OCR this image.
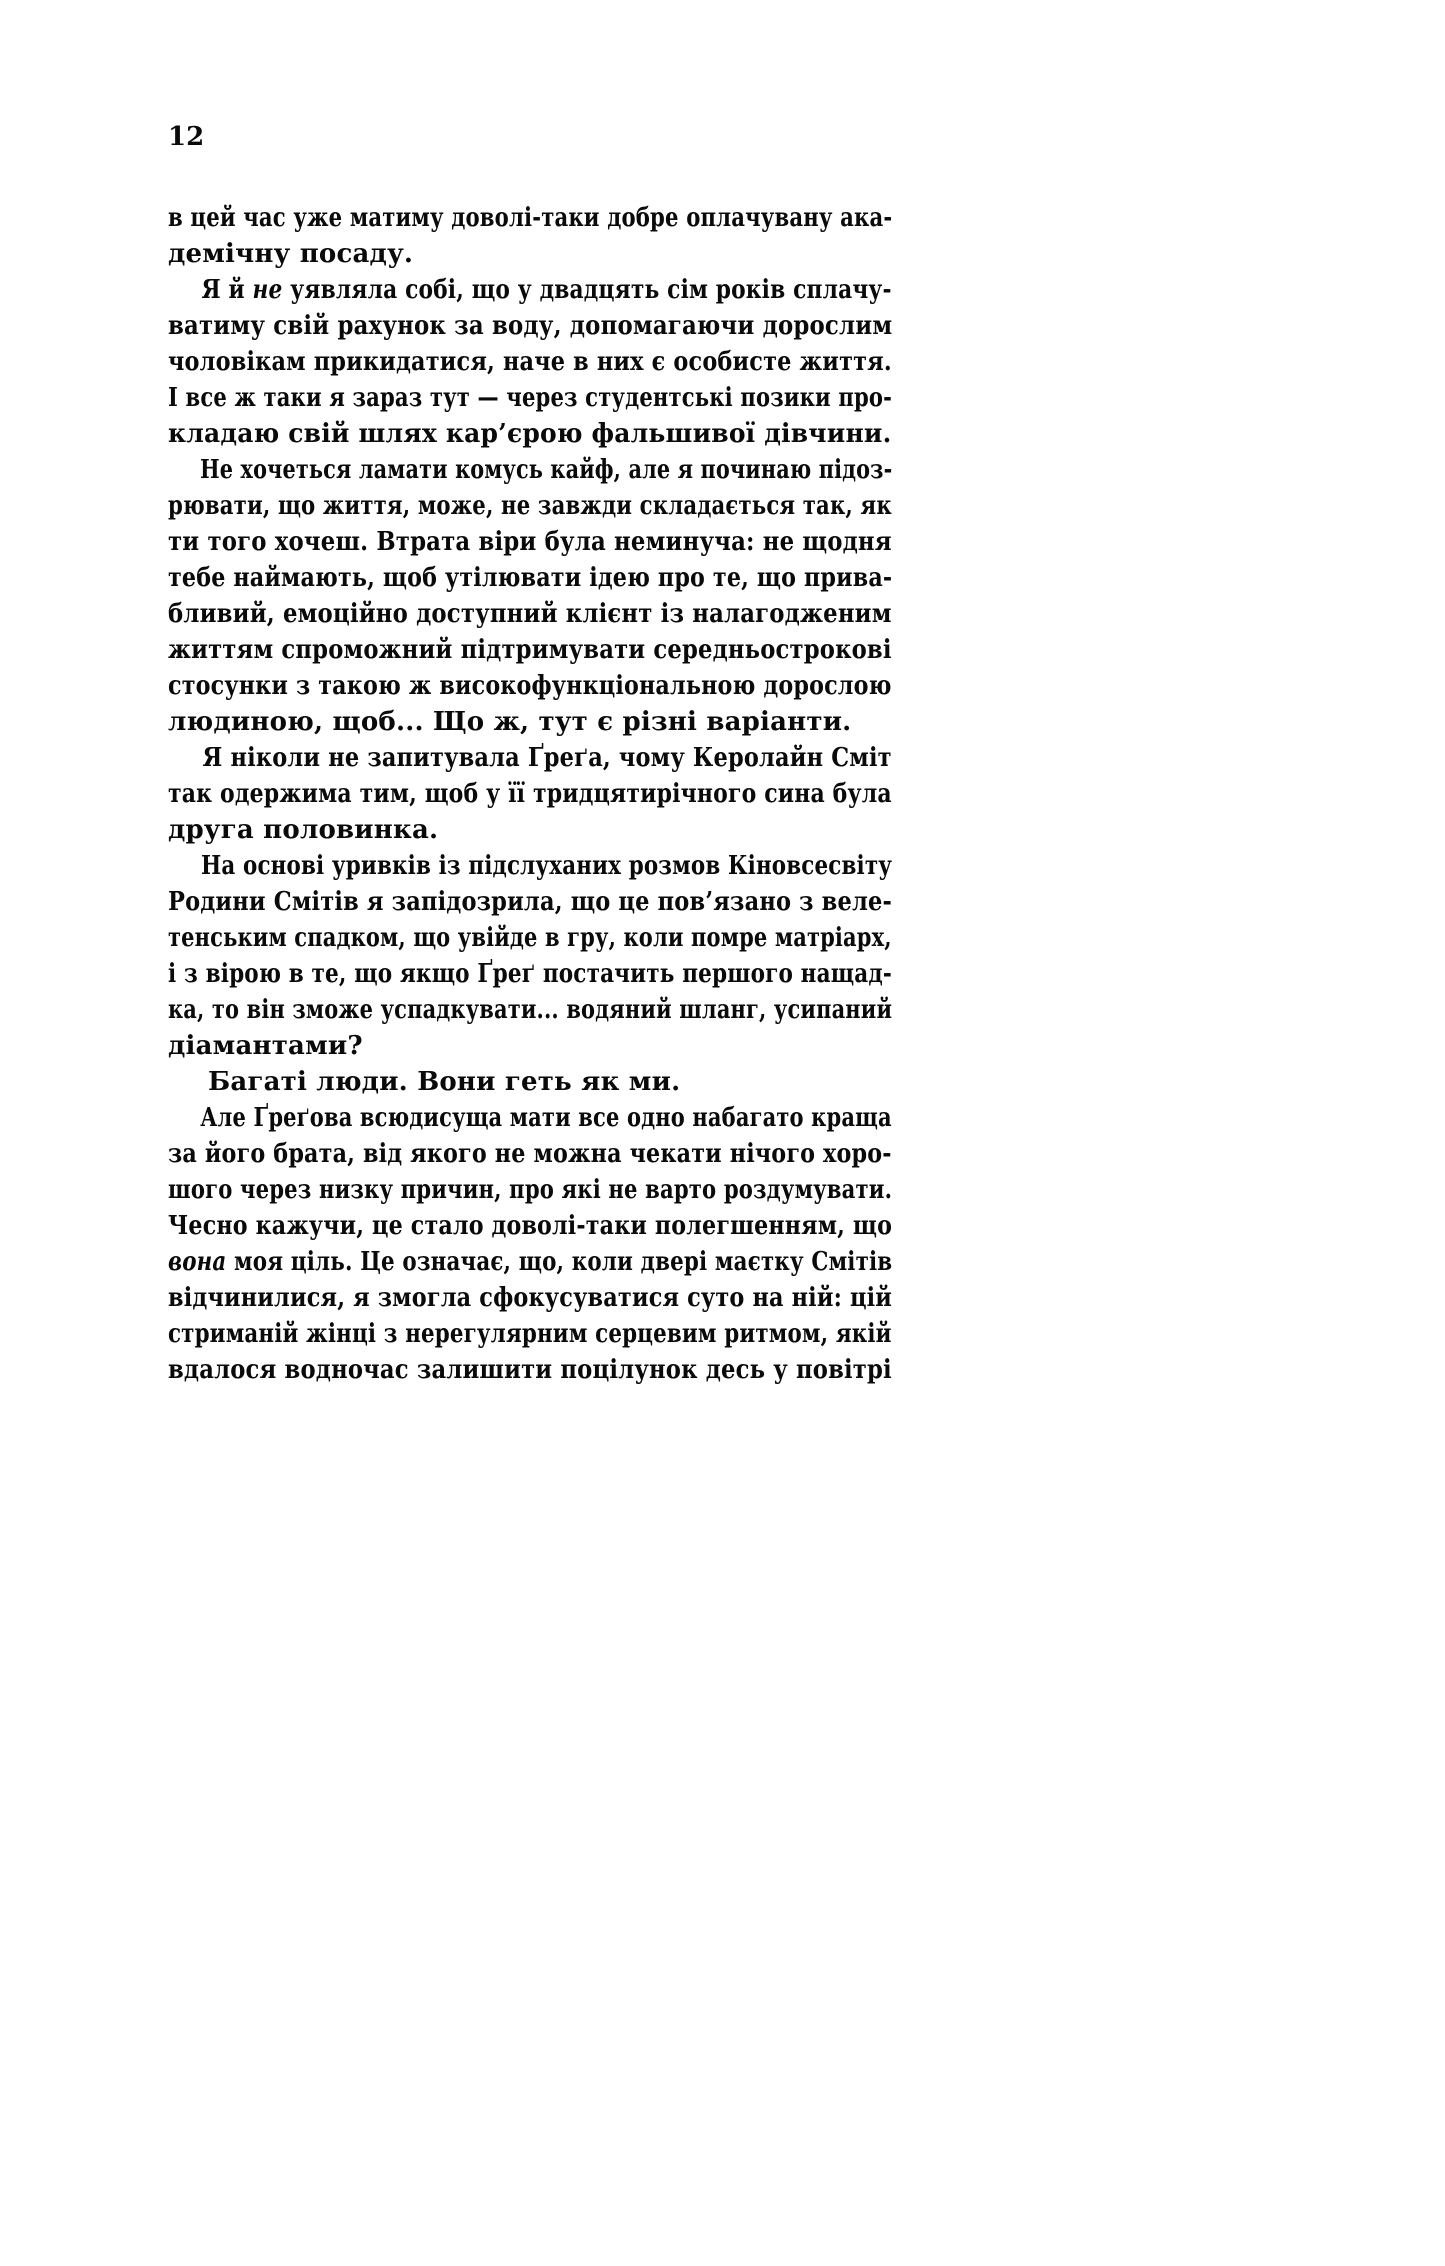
12

в цей час уже матиму доволі-таки добре оплачувану ака-
демічну посаду.

Я й не уявляла собі, що у двадцять сім років сплачу-
ватиму свій рахунок за воду, допомагаючи дорослим
чоловікам прикидатися, наче в них є особисте життя.
І все ж таки я зараз тут — через студентські позики про-
кладаю свій шлях кар’єрою фальшивої дівчини.

Не хочеться ламати комусь кайф, але я починаю підоз-
рювати, що життя, може, не завжди складається так, як
ти того хочеш. Втрата віри була неминуча: не щодня
тебе наймають, щоб утілювати ідею про те, що прива-
бливий, емоційно доступний клієнт із налагодженим
життям спроможний підтримувати середньострокові
стосунки з такою ж високофункціональною дорослою
людиною, щоб... Що ж, тут є різні варіанти.

Я ніколи не запитувала Ґреґа, чому Керолайн Сміт
так одержима тим, щоб у її тридцятирічного сина була
друга половинка.

На основі уривків із підслуханих розмов Кіновсесвіту
Родини Смітів я запідозрила, що це пов’язано з веле-
тенським спадком, що увійде в гру, коли помре матріарх,
і з вірою в те, що якщо Ґреґ постачить першого нащад-
ка, то він зможе успадкувати... водяний шланг, усипаний
діамантами?

Багаті люди. Вони геть як ми.

Але Ґреґова всюдисуща мати все одно набагато краща
за його брата, від якого не можна чекати нічого хоро-
шого через низку причин, про які не варто роздумувати.
Чесно кажучи, це стало доволі-таки полегшенням, що
вона моя ціль. Це означає, що, коли двері маєтку Смітів
відчинилися, я змогла сфокусуватися суто на ній: цій
стриманій жінці з нерегулярним серцевим ритмом, якій
вдалося водночас залишити поцілунок десь у повітрі
